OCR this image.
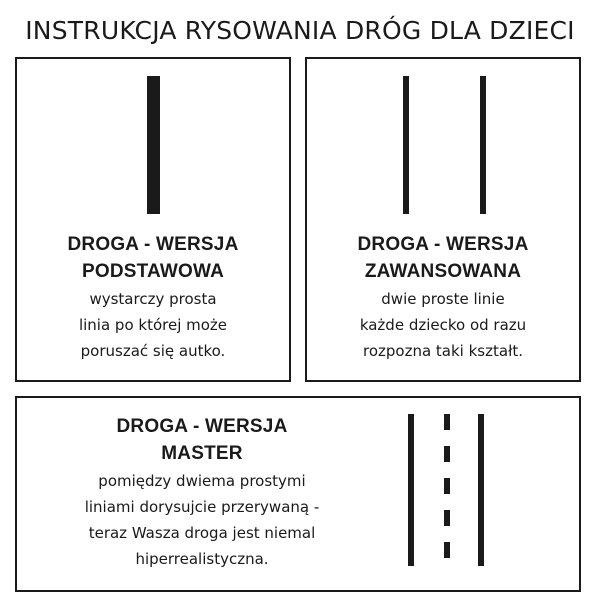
INSTRUKCJA RYSOWANIA DRÓG DLA DZIECI
DROGA - WERSJA
PODSTAWOWA
wystarczy prosta
linia po której może
poruszać się autko.
DROGA - WERSJA
ZAWANSOWANA
dwie proste linie
każde dziecko od razu
rozpozna taki kształt.
DROGA - WERSJA
MASTER
pomiędzy dwiema prostymi
liniami dorysujcie przerywaną -
teraz Wasza droga jest niemal
hiperrealistyczna.
